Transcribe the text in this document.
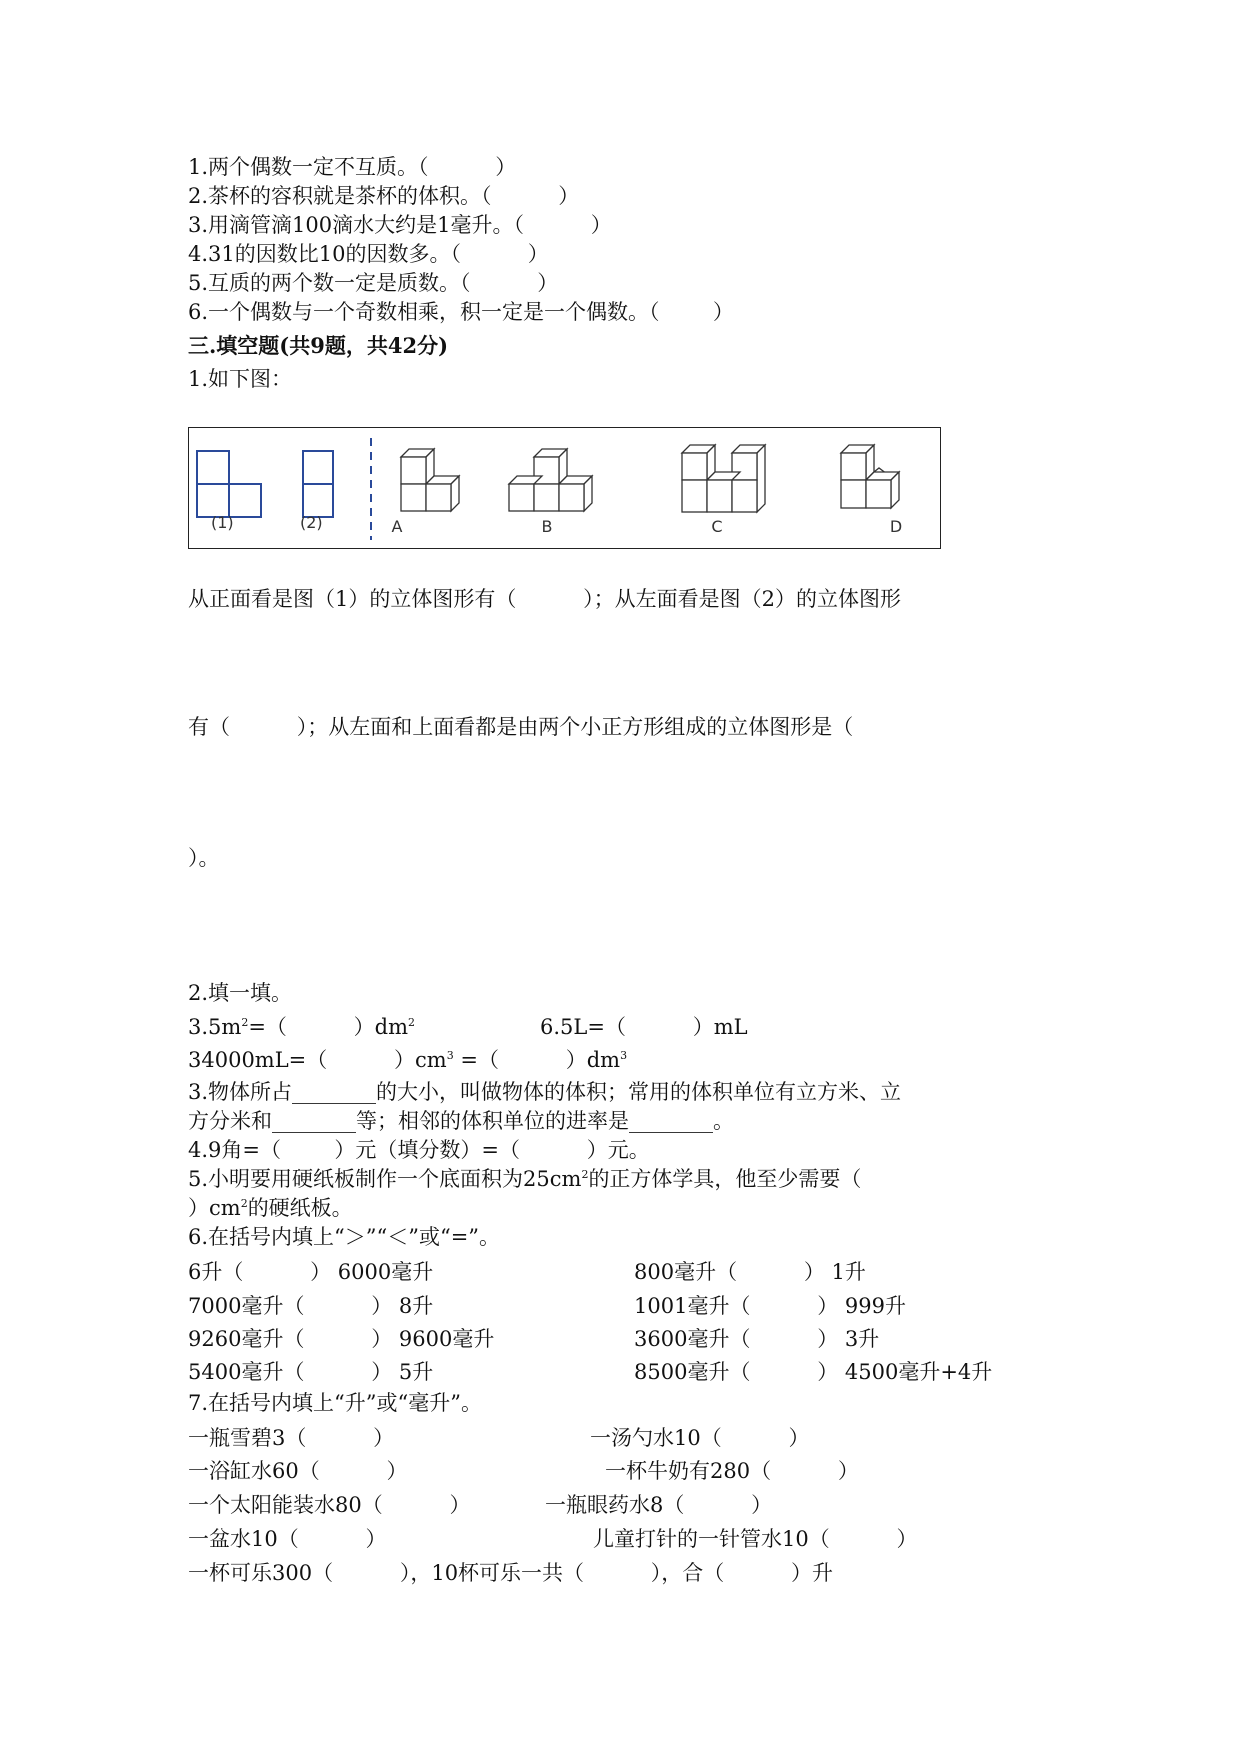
1.两个偶数一定不互质。（          ）
2.茶杯的容积就是茶杯的体积。（          ）
3.用滴管滴100滴水大约是1毫升。（          ）
4.31的因数比10的因数多。（          ）
5.互质的两个数一定是质数。（          ）
6.一个偶数与一个奇数相乘，积一定是一个偶数。（        ）
三.填空题(共9题，共42分)
1.如下图：
(1)	(2)	A	B	C	D
从正面看是图（1）的立体图形有（          ）；从左面看是图（2）的立体图形
有（          ）；从左面和上面看都是由两个小正方形组成的立体图形是（
）。
2.填一填。
$3.5m^2=$（          ）$dm^2$	6.5L=（          ）mL
34000mL=（          ）$cm^3$ =（          ）$dm^3$
3.物体所占________的大小，叫做物体的体积；常用的体积单位有立方米、立
方分米和________等；相邻的体积单位的进率是________。
4.9角=（        ）元（填分数）=（          ）元。
5.小明要用硬纸板制作一个底面积为$25cm^2$的正方体学具，他至少需要（
）$cm^2$的硬纸板。
6.在括号内填上“＞”“＜”或“=”。
6升（          ） 6000毫升	800毫升（          ） 1升
7000毫升（          ） 8升	1001毫升（          ） 999升
9260毫升（          ） 9600毫升	3600毫升（          ） 3升
5400毫升（          ） 5升	8500毫升（          ） 4500毫升+4升
7.在括号内填上“升”或“毫升”。
一瓶雪碧3（          ）	一汤勺水10（          ）
一浴缸水60（          ）	一杯牛奶有280（          ）
一个太阳能装水80（          ）	一瓶眼药水8（          ）
一盆水10（          ）	儿童打针的一针管水10（          ）
一杯可乐300（          ），10杯可乐一共（          ），合（          ）升
